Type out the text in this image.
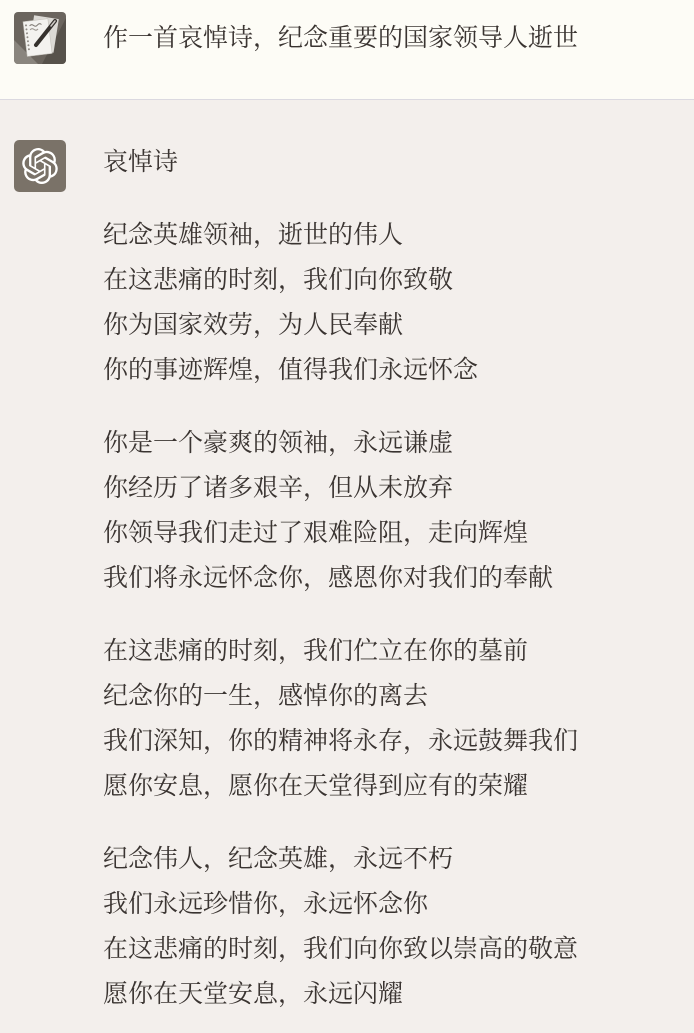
作一首哀悼诗，纪念重要的国家领导人逝世

哀悼诗

纪念英雄领袖，逝世的伟人
在这悲痛的时刻，我们向你致敬
你为国家效劳，为人民奉献
你的事迹辉煌，值得我们永远怀念
你是一个豪爽的领袖，永远谦虚
你经历了诸多艰辛，但从未放弃
你领导我们走过了艰难险阻，走向辉煌
我们将永远怀念你，感恩你对我们的奉献
在这悲痛的时刻，我们伫立在你的墓前
纪念你的一生，感悼你的离去
我们深知，你的精神将永存，永远鼓舞我们
愿你安息，愿你在天堂得到应有的荣耀
纪念伟人，纪念英雄，永远不朽
我们永远珍惜你，永远怀念你
在这悲痛的时刻，我们向你致以崇高的敬意
愿你在天堂安息，永远闪耀
